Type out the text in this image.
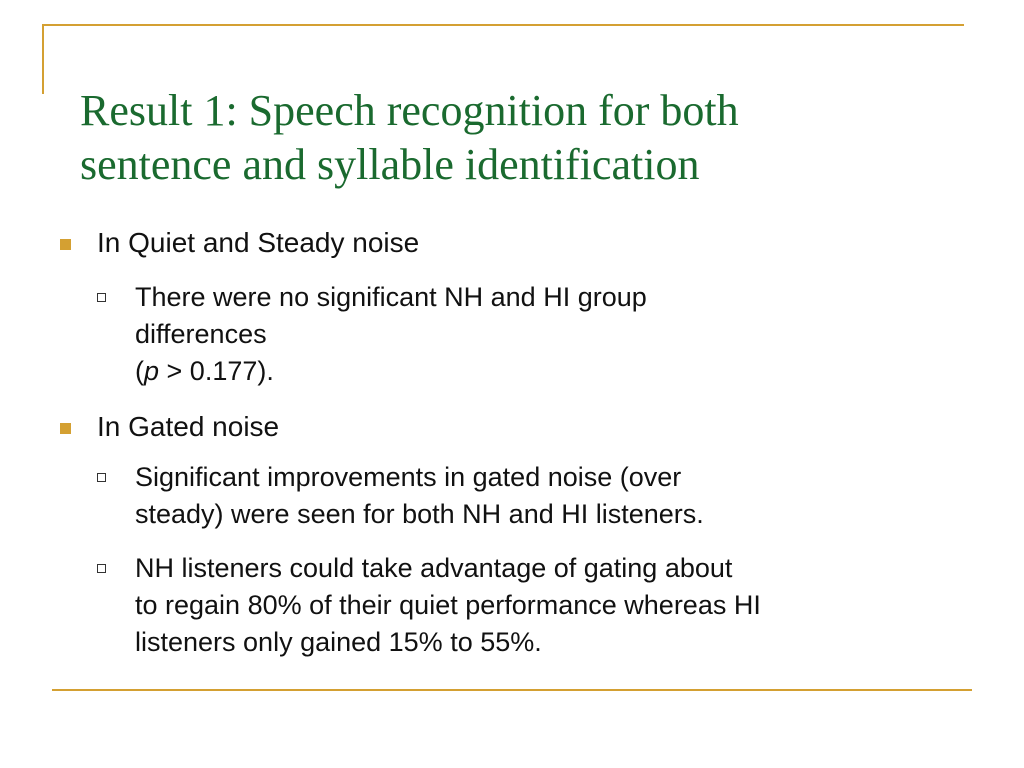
Result 1: Speech recognition for both
sentence and syllable identification
In Quiet and Steady noise
There were no significant NH and HI group
differences
(p > 0.177).
In Gated noise
Significant improvements in gated noise (over
steady) were seen for both NH and HI listeners.
NH listeners could take advantage of gating about
to regain 80% of their quiet performance whereas HI
listeners only gained 15% to 55%.
